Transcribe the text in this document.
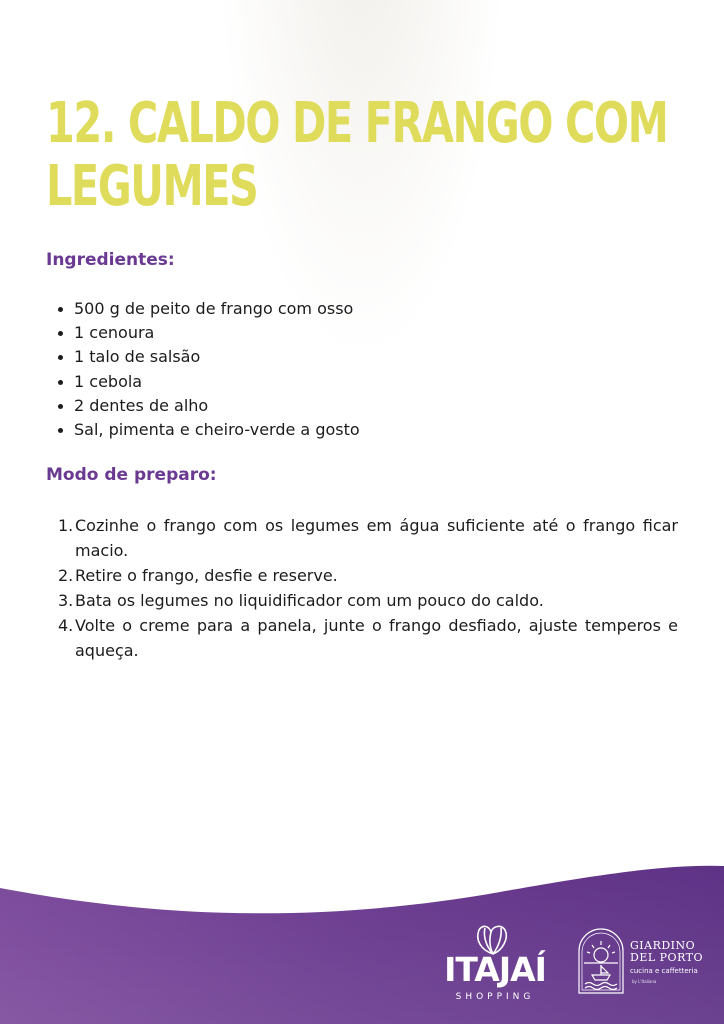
12. CALDO DE FRANGO COM
LEGUMES
Ingredientes:
500 g de peito de frango com osso
1 cenoura
1 talo de salsão
1 cebola
2 dentes de alho
Sal, pimenta e cheiro-verde a gosto
Modo de preparo:
1. Cozinhe o frango com os legumes em água suficiente até o frango ficar macio.
2. Retire o frango, desfie e reserve.
3. Bata os legumes no liquidificador com um pouco do caldo.
4. Volte o creme para a panela, junte o frango desfiado, ajuste temperos e aqueça.
ITAJAÍ
SHOPPING

GIARDINO
DEL PORTO

cucina e caffetteria
by L'Italiana
